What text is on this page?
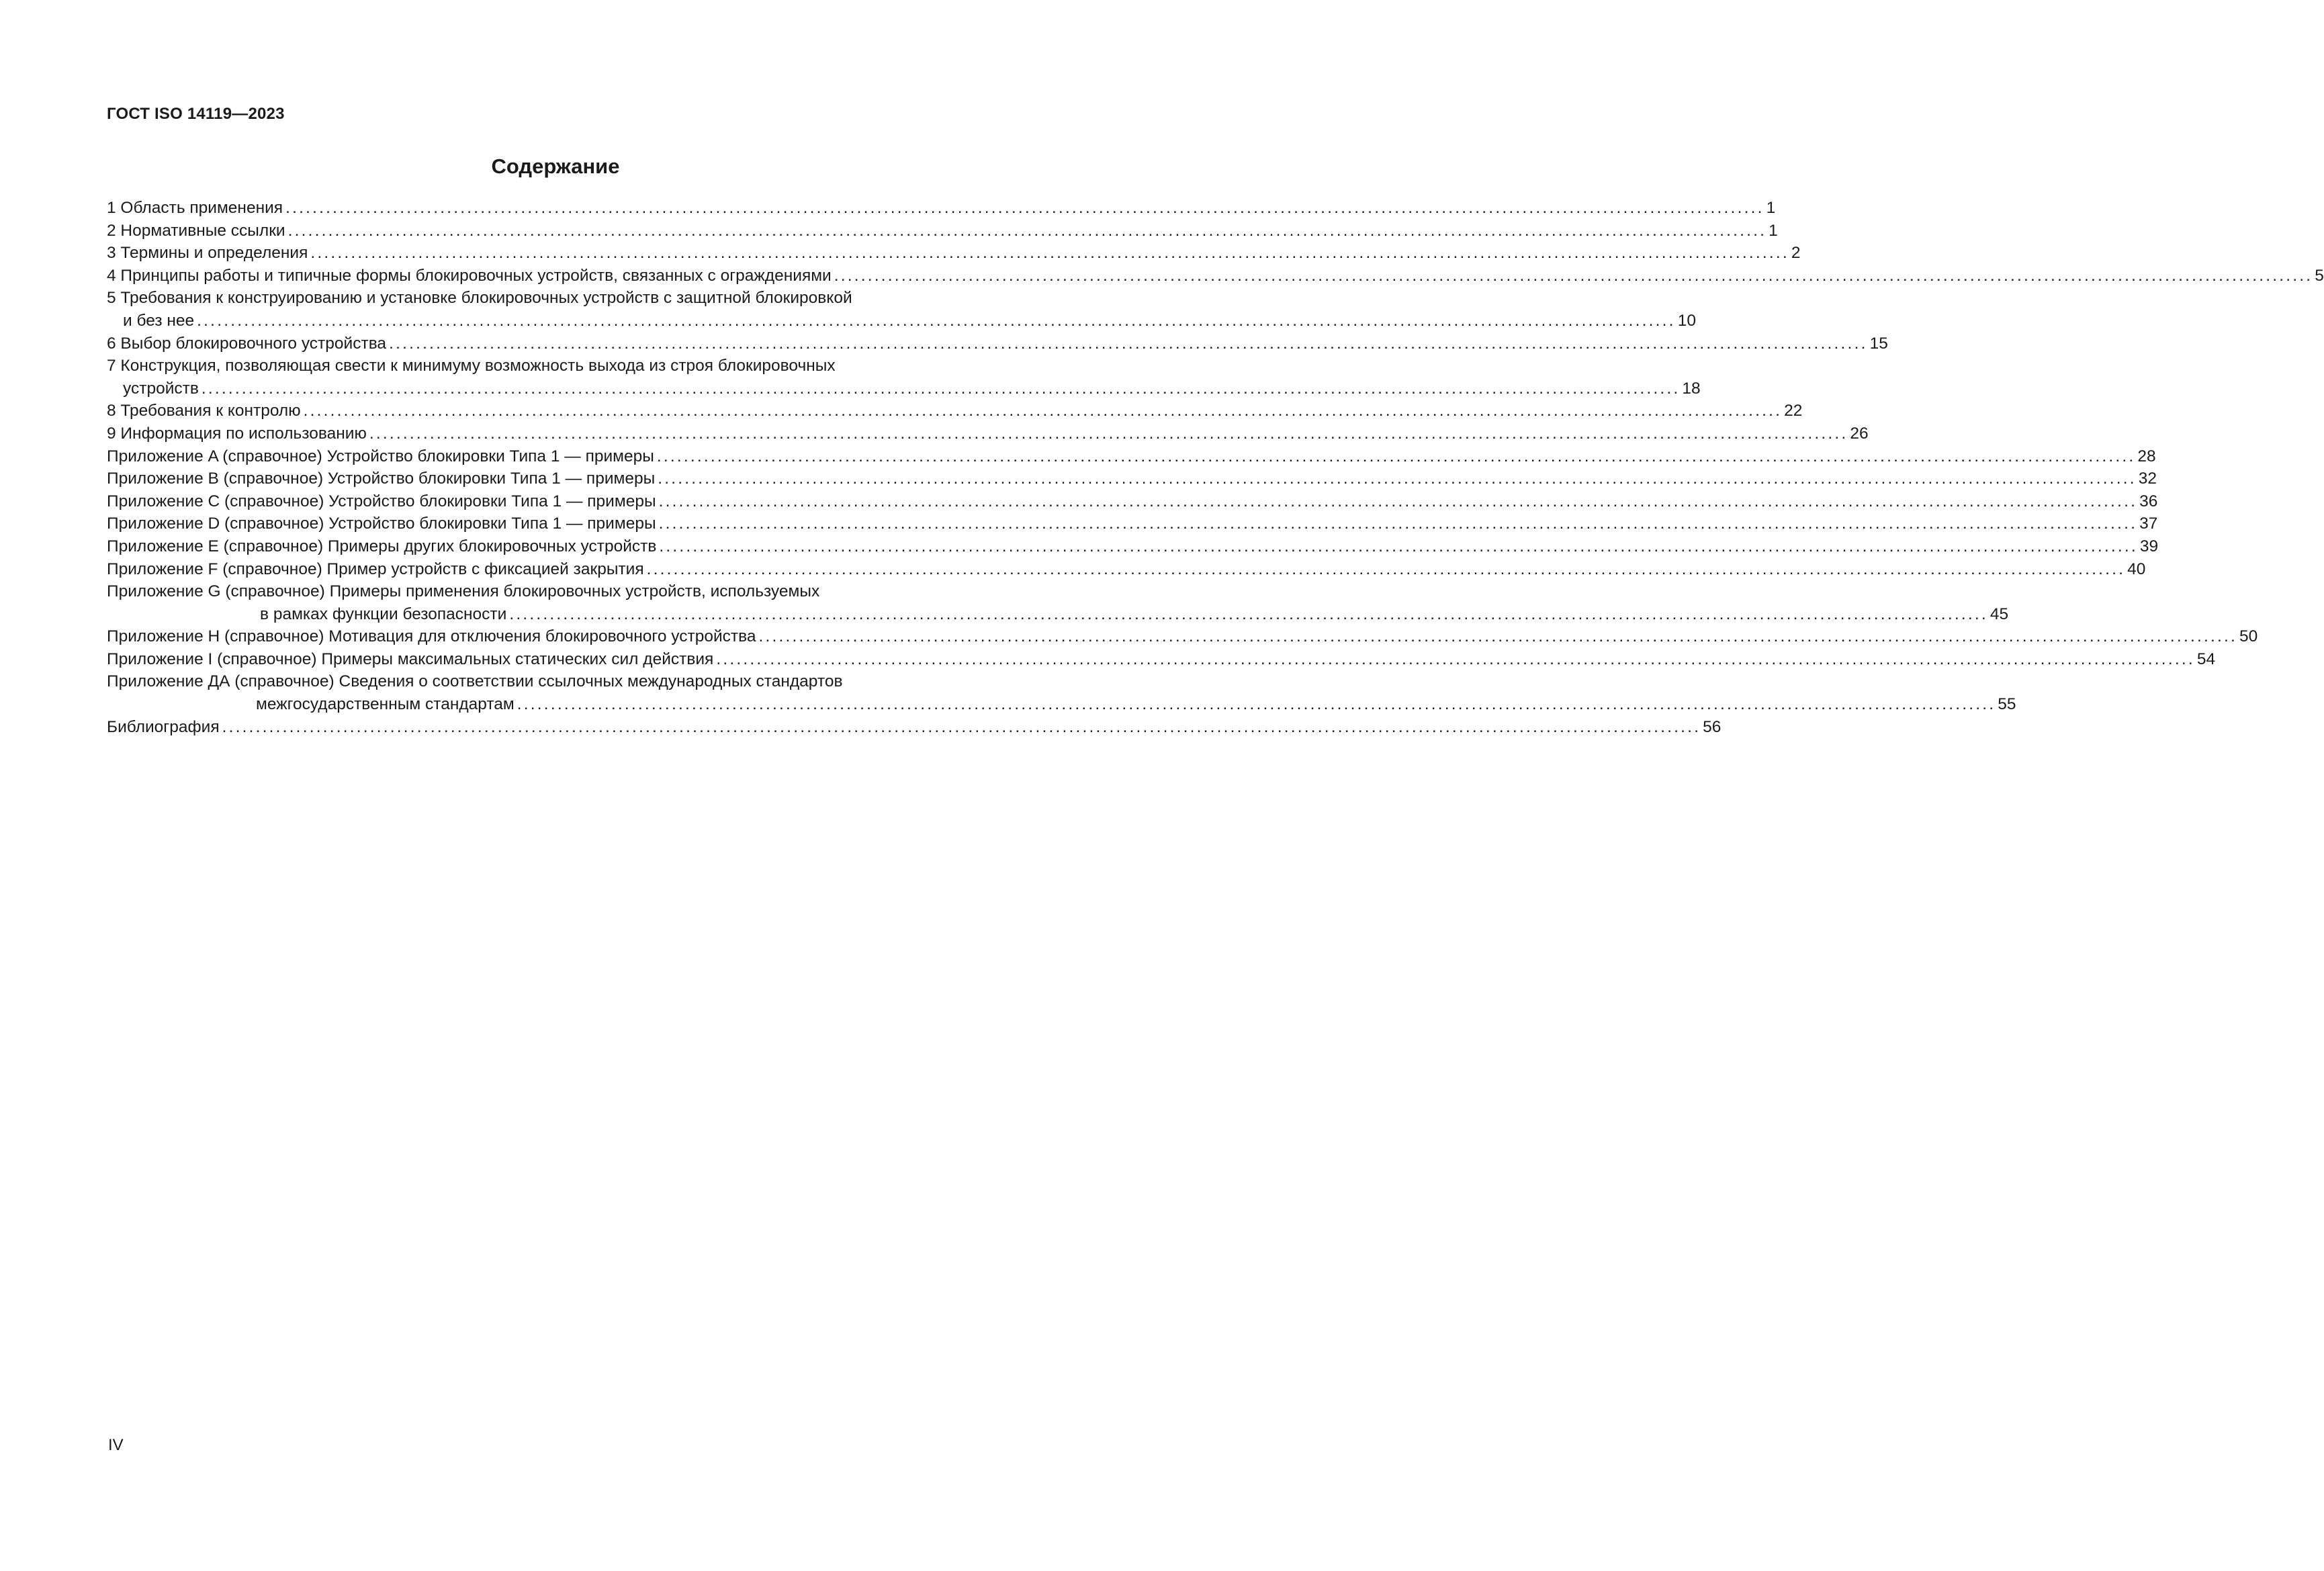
ГОСТ ISO 14119—2023
Содержание
1 Область применения ............................................................................................................................................................................................................................ 1
2 Нормативные ссылки ............................................................................................................................................................................................................................ 1
3 Термины и определения ............................................................................................................................................................................................................................ 2
4 Принципы работы и типичные формы блокировочных устройств, связанных с ограждениями ............................................................................................................................................................................................................................ 5
5 Требования к конструированию и установке блокировочных устройств с защитной блокировкой
и без нее ............................................................................................................................................................................................................................ 10
6 Выбор блокировочного устройства ............................................................................................................................................................................................................................ 15
7 Конструкция, позволяющая свести к минимуму возможность выхода из строя блокировочных
устройств ............................................................................................................................................................................................................................ 18
8 Требования к контролю ............................................................................................................................................................................................................................ 22
9 Информация по использованию ............................................................................................................................................................................................................................ 26
Приложение A (справочное) Устройство блокировки Типа 1 — примеры ............................................................................................................................................................................................................................ 28
Приложение B (справочное) Устройство блокировки Типа 1 — примеры ............................................................................................................................................................................................................................ 32
Приложение C (справочное) Устройство блокировки Типа 1 — примеры ............................................................................................................................................................................................................................ 36
Приложение D (справочное) Устройство блокировки Типа 1 — примеры ............................................................................................................................................................................................................................ 37
Приложение E (справочное) Примеры других блокировочных устройств ............................................................................................................................................................................................................................ 39
Приложение F (справочное) Пример устройств с фиксацией закрытия ............................................................................................................................................................................................................................ 40
Приложение G (справочное) Примеры применения блокировочных устройств, используемых
в рамках функции безопасности ............................................................................................................................................................................................................................ 45
Приложение H (справочное) Мотивация для отключения блокировочного устройства ............................................................................................................................................................................................................................ 50
Приложение I (справочное) Примеры максимальных статических сил действия ............................................................................................................................................................................................................................ 54
Приложение ДА (справочное) Сведения о соответствии ссылочных международных стандартов
межгосударственным стандартам ............................................................................................................................................................................................................................ 55
Библиография ............................................................................................................................................................................................................................ 56
IV
